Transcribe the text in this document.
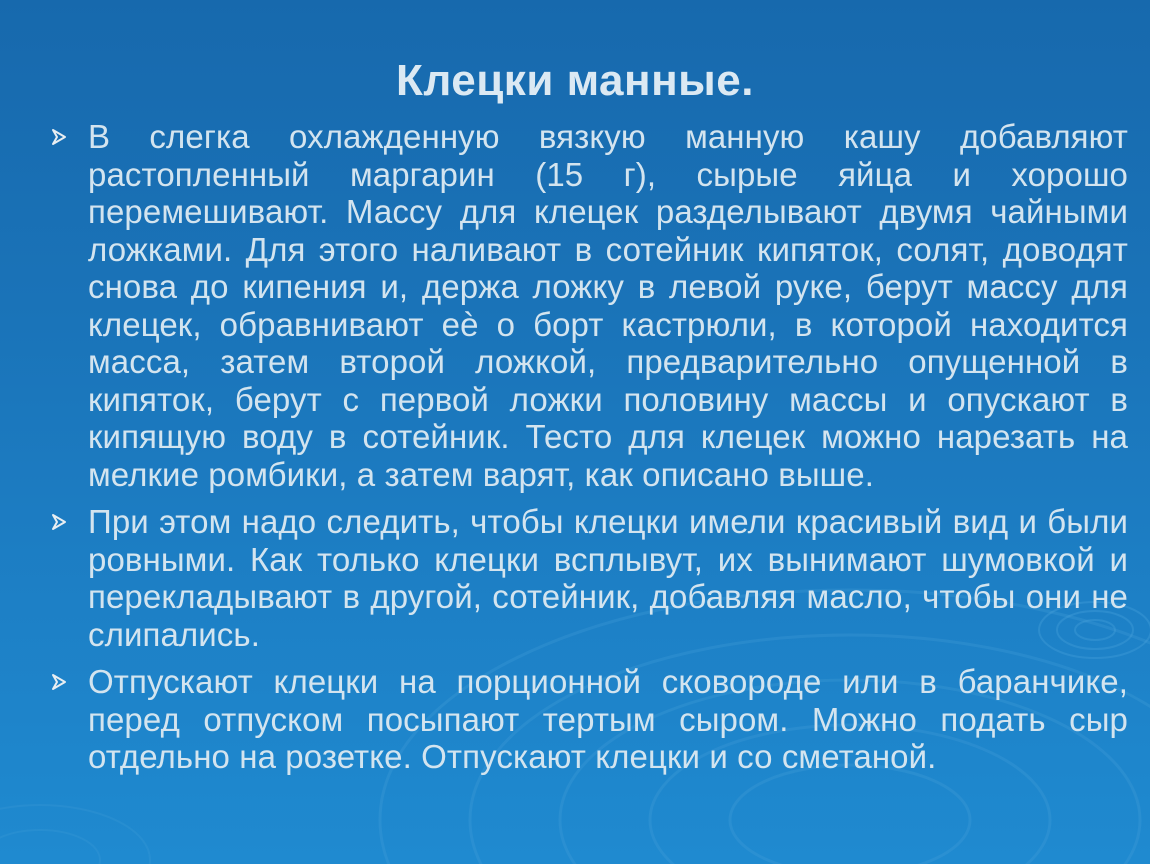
Клецки манные.
В слегка охлажденную вязкую манную кашу добавляют растопленный маргарин (15 г), сырые яйца и хорошо перемешивают. Массу для клецек разделывают двумя чайными ложками. Для этого наливают в сотейник кипяток, солят, доводят снова до кипения и, держа ложку в левой руке, берут массу для клецек, обравнивают еѐ о борт кастрюли, в которой находится масса, затем второй ложкой, предварительно опущенной в кипяток, берут с первой ложки половину массы и опускают в кипящую воду в сотейник. Тесто для клецек можно нарезать на мелкие ромбики, а затем варят, как описано выше.
При этом надо следить, чтобы клецки имели красивый вид и были ровными. Как только клецки всплывут, их вынимают шумовкой и перекладывают в другой, сотейник, добавляя масло, чтобы они не слипались.
Отпускают клецки на порционной сковороде или в баранчике, перед отпуском посыпают тертым сыром. Можно подать сыр отдельно на розетке. Отпускают клецки и со сметаной.
